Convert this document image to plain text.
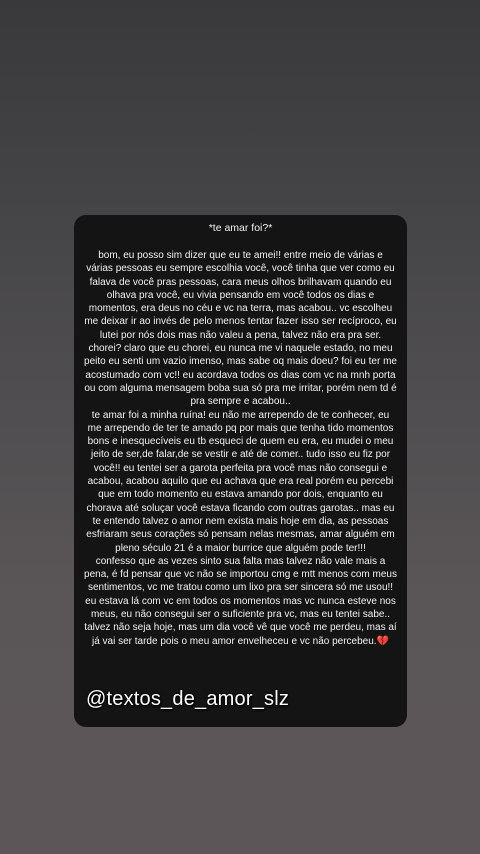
*te amar foi?*

bom, eu posso sim dizer que eu te amei!! entre meio de várias e várias pessoas eu sempre escolhia você, você tinha que ver como eu falava de você pras pessoas, cara meus olhos brilhavam quando eu olhava pra você, eu vivia pensando em você todos os dias e momentos, era deus no céu e vc na terra, mas acabou.. vc escolheu me deixar ir ao invés de pelo menos tentar fazer isso ser recíproco, eu lutei por nós dois mas não valeu a pena, talvez não era pra ser.

chorei? claro que eu chorei, eu nunca me vi naquele estado, no meu peito eu senti um vazio imenso, mas sabe oq mais doeu? foi eu ter me acostumado com vc!! eu acordava todos os dias com vc na mnh porta ou com alguma mensagem boba sua só pra me irritar, porém nem td é pra sempre e acabou..

te amar foi a minha ruína! eu não me arrependo de te conhecer, eu me arrependo de ter te amado pq por mais que tenha tido momentos bons e inesquecíveis eu tb esqueci de quem eu era, eu mudei o meu jeito de ser,de falar,de se vestir e até de comer.. tudo isso eu fiz por você!! eu tentei ser a garota perfeita pra você mas não consegui e acabou, acabou aquilo que eu achava que era real porém eu percebi que em todo momento eu estava amando por dois, enquanto eu chorava até soluçar você estava ficando com outras garotas.. mas eu te entendo talvez o amor nem exista mais hoje em dia, as pessoas esfriaram seus corações só pensam nelas mesmas, amar alguém em pleno século 21 é a maior burrice que alguém pode ter!!!

confesso que as vezes sinto sua falta mas talvez não vale mais a pena, é fd pensar que vc não se importou cmg e mtt menos com meus sentimentos, vc me tratou como um lixo pra ser sincera só me usou!! eu estava lá com vc em todos os momentos mas vc nunca esteve nos meus, eu não consegui ser o suficiente pra vc, mas eu tentei sabe.. talvez não seja hoje, mas um dia você vê que você me perdeu, mas aí já vai ser tarde pois o meu amor envelheceu e vc não percebeu.💔

@textos_de_amor_slz
